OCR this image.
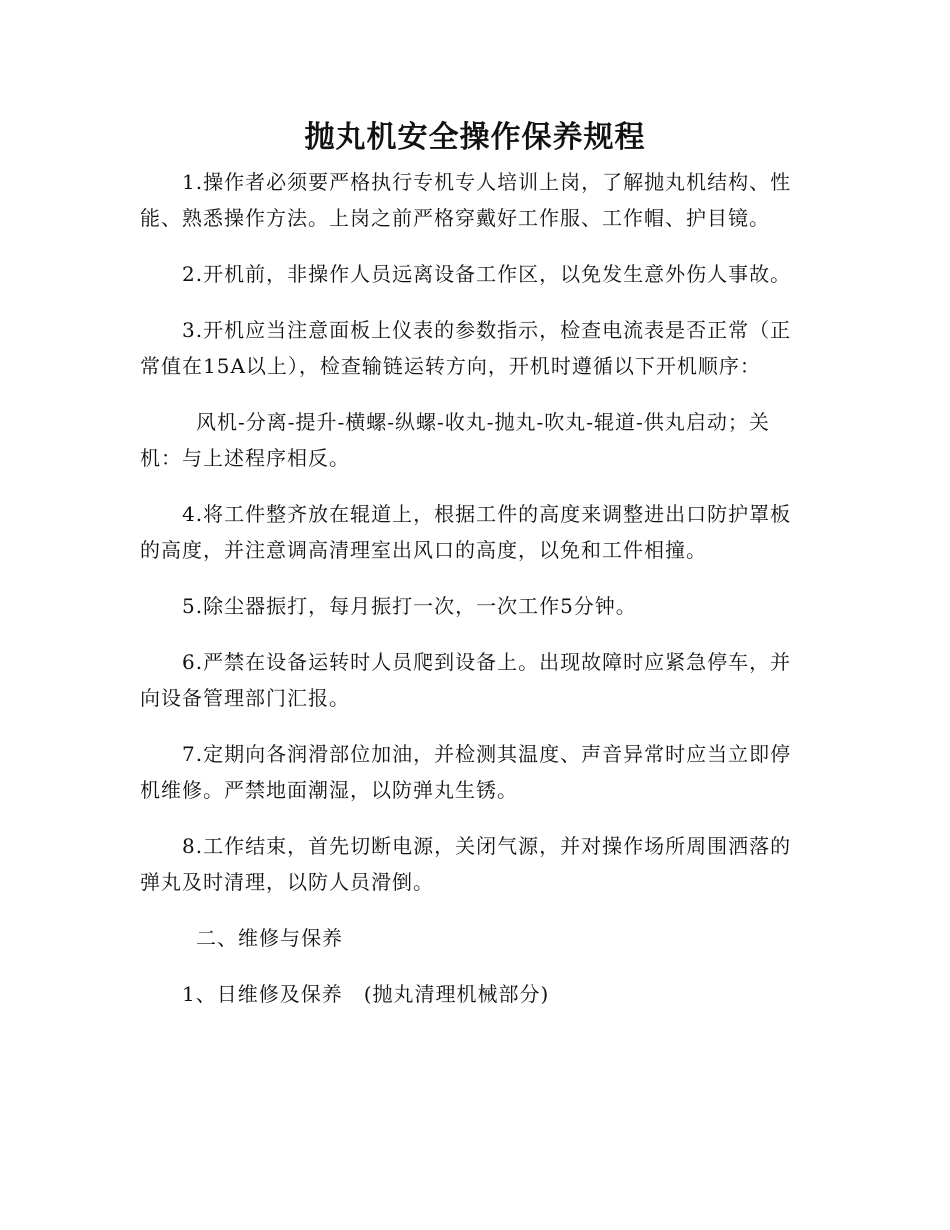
抛丸机安全操作保养规程

1.操作者必须要严格执行专机专人培训上岗，了解抛丸机结构、性能、熟悉操作方法。上岗之前严格穿戴好工作服、工作帽、护目镜。

2.开机前，非操作人员远离设备工作区，以免发生意外伤人事故。

3.开机应当注意面板上仪表的参数指示，检查电流表是否正常（正常值在15A以上），检查输链运转方向，开机时遵循以下开机顺序：

风机-分离-提升-横螺-纵螺-收丸-抛丸-吹丸-辊道-供丸启动；关机：与上述程序相反。

4.将工件整齐放在辊道上，根据工件的高度来调整进出口防护罩板的高度，并注意调高清理室出风口的高度，以免和工件相撞。

5.除尘器振打，每月振打一次，一次工作5分钟。

6.严禁在设备运转时人员爬到设备上。出现故障时应紧急停车，并向设备管理部门汇报。

7.定期向各润滑部位加油，并检测其温度、声音异常时应当立即停机维修。严禁地面潮湿，以防弹丸生锈。

8.工作结束，首先切断电源，关闭气源，并对操作场所周围洒落的弹丸及时清理，以防人员滑倒。

二、维修与保养

1、日维修及保养　(抛丸清理机械部分)
